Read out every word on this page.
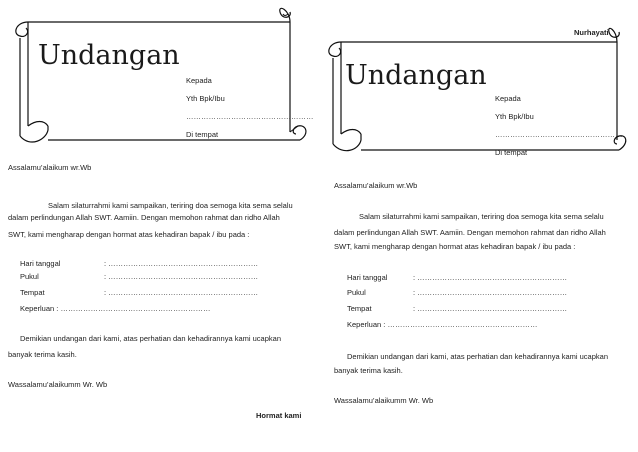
Undangan
Kepada
Yth Bpk/Ibu
……………………………………………
Di tempat
Assalamu’alaikum wr.Wb
Salam silaturrahmi kami sampaikan, teriring doa semoga kita sema selalu
dalam perlindungan Allah SWT. Aamiin. Dengan memohon rahmat dan ridho Allah
SWT, kami mengharap dengan hormat atas kehadiran bapak / ibu pada :
Hari tanggal	: ……………………………………………………
Pukul	: ……………………………………………………
Tempat	: ……………………………………………………
Keperluan : ……………………………………………………
Demikian undangan dari kami, atas perhatian dan kehadirannya kami ucapkan
banyak terima kasih.
Wassalamu’alaikumm Wr. Wb
Hormat kami
Nurhayati
Undangan
Kepada
Yth Bpk/Ibu
……………………………………………
Di tempat
Assalamu’alaikum wr.Wb
Salam silaturrahmi kami sampaikan, teriring doa semoga kita sema selalu
dalam perlindungan Allah SWT. Aamiin. Dengan memohon rahmat dan ridho Allah
SWT, kami mengharap dengan hormat atas kehadiran bapak / ibu pada :
Hari tanggal	: ……………………………………………………
Pukul	: ……………………………………………………
Tempat	: ……………………………………………………
Keperluan : ……………………………………………………
Demikian undangan dari kami, atas perhatian dan kehadirannya kami ucapkan
banyak terima kasih.
Wassalamu’alaikumm Wr. Wb
